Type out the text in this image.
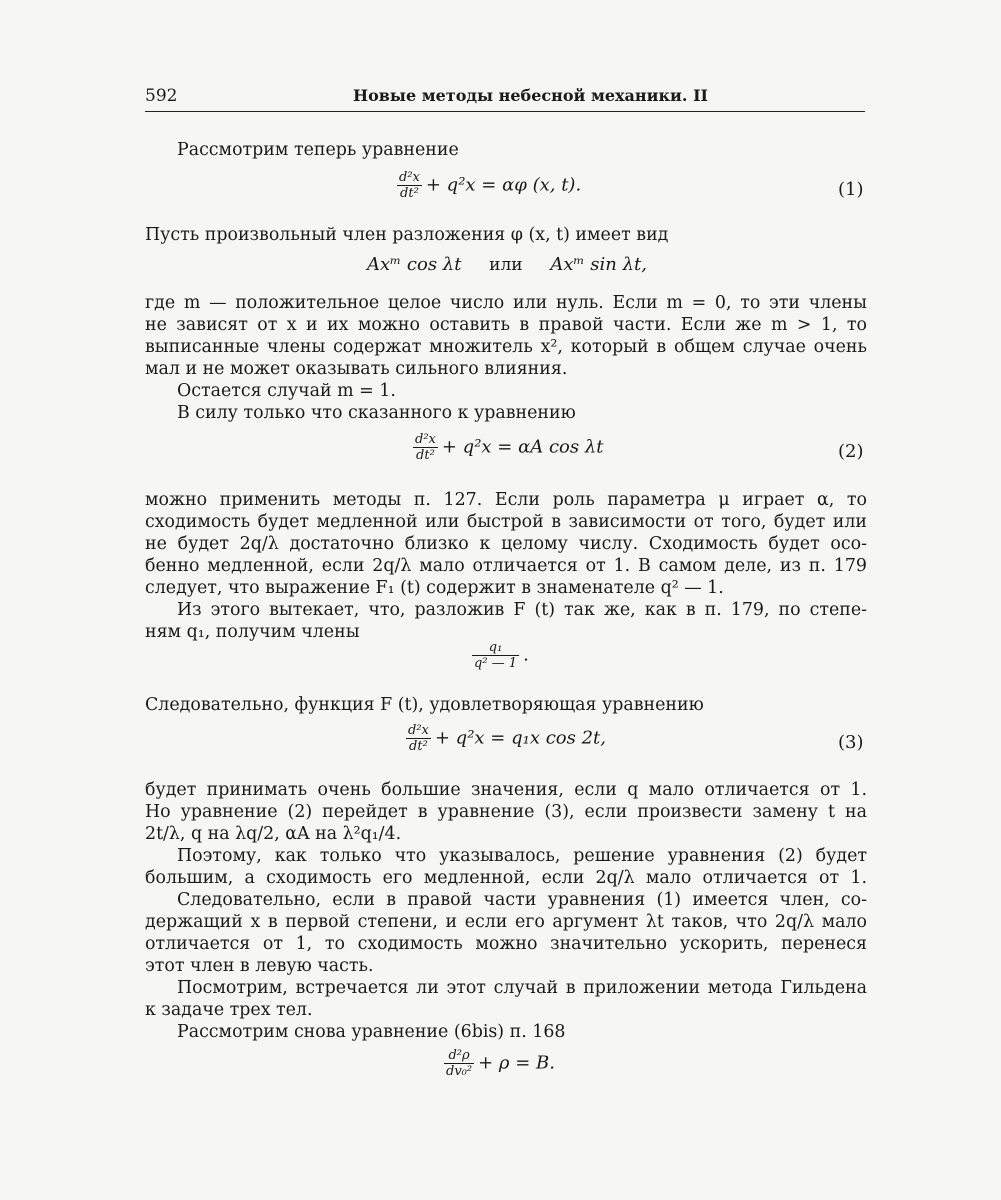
592	Новые методы небесной механики. II
Рассмотрим теперь уравнение
$\frac{\text{d²x}}{\text{dt²}} + q^2x = \alpha\varphi$ (x, t).	(1)
Пусть произвольный член разложения φ (x, t) имеет вид
Axᵐ cos λt или Axᵐ sin λt,
где m — положительное целое число или нуль. Если m = 0, то эти члены
не зависят от x и их можно оставить в правой части. Если же m > 1, то
выписанные члены содержат множитель x², который в общем случае очень
мал и не может оказывать сильного влияния.
Остается случай m = 1.
В силу только что сказанного к уравнению
$\frac{\text{d²x}}{\text{dt²}} + q^2x = \alpha A$ cos λt	(2)
можно применить методы п. 127. Если роль параметра μ играет α, то
сходимость будет медленной или быстрой в зависимости от того, будет или
не будет 2q/λ достаточно близко к целому числу. Сходимость будет осо-
бенно медленной, если 2q/λ мало отличается от 1. В самом деле, из п. 179
следует, что выражение F₁ (t) содержит в знаменателе q² — 1.
Из этого вытекает, что, разложив F (t) так же, как в п. 179, по степе-
ням q₁, получим члены
$\frac{\text{q₁}}{\text{q² — 1}}$ .
Следовательно, функция F (t), удовлетворяющая уравнению
$\frac{\text{d²x}}{\text{dt²}} + q^2x = q_1x$ cos 2t,	(3)
будет принимать очень большие значения, если q мало отличается от 1.
Но уравнение (2) перейдет в уравнение (3), если произвести замену t на
2t/λ, q на λq/2, αA на λ²q₁/4.
Поэтому, как только что указывалось, решение уравнения (2) будет
большим, а сходимость его медленной, если 2q/λ мало отличается от 1.
Следовательно, если в правой части уравнения (1) имеется член, со-
держащий x в первой степени, и если его аргумент λt таков, что 2q/λ мало
отличается от 1, то сходимость можно значительно ускорить, перенеся
этот член в левую часть.
Посмотрим, встречается ли этот случай в приложении метода Гильдена
к задаче трех тел.
Рассмотрим снова уравнение (6bis) п. 168
$\frac{\text{d²ρ}}{\text{dv₀²}} + \rho = B$.
